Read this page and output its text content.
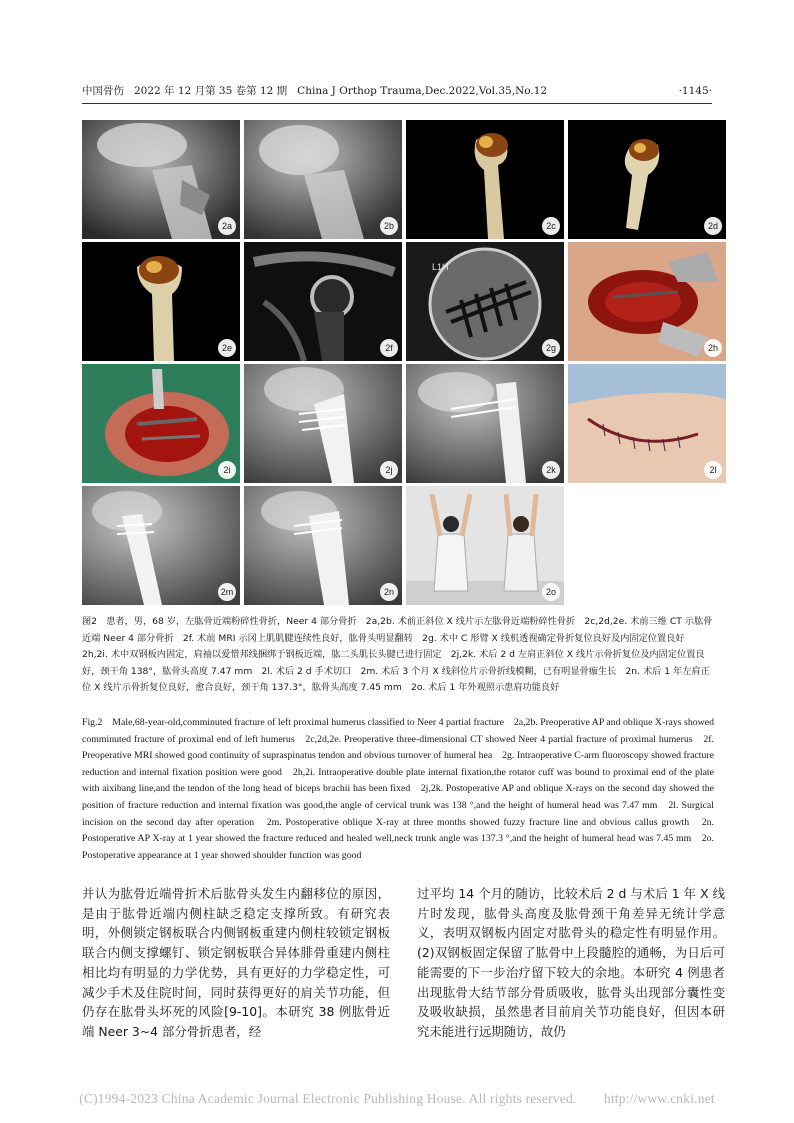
中国骨伤 2022 年 12 月第 35 卷第 12 期 China J Orthop Trauma,Dec.2022,Vol.35,No.12	·1145·
2a	2b	2c	2d
2e	2f
L1H
2g	2h
2i	2j	2k	2l
2m	2n	2o
图2　患者，男，68 岁，左肱骨近端粉碎性骨折，Neer 4 部分骨折　2a,2b. 术前正斜位 X 线片示左肱骨近端粉碎性骨折　2c,2d,2e. 术前三维 CT 示肱骨近端 Neer 4 部分骨折　2f. 术前 MRI 示冈上肌肌腱连续性良好，肱骨头明显翻转　2g. 术中 C 形臂 X 线机透视确定骨折复位良好及内固定位置良好　2h,2i. 术中双钢板内固定，肩袖以爱惜邦线捆绑于钢板近端，肱二头肌长头腱已进行固定　2j,2k. 术后 2 d 左肩正斜位 X 线片示骨折复位及内固定位置良好，颈干角 138°，肱骨头高度 7.47 mm　2l. 术后 2 d 手术切口　2m. 术后 3 个月 X 线斜位片示骨折线模糊，已有明显骨痂生长　2n. 术后 1 年左肩正位 X 线片示骨折复位良好，愈合良好，颈干角 137.3°，肱骨头高度 7.45 mm　2o. 术后 1 年外观照示患肩功能良好
Fig.2　Male,68-year-old,comminuted fracture of left proximal humerus classified to Neer 4 partial fracture　2a,2b. Preoperative AP and oblique X-rays showed comminuted fracture of proximal end of left humerus　2c,2d,2e. Preoperative three-dimensional CT showed Neer 4 partial fracture of proximal humerus　2f. Preoperative MRI showed good continuity of supraspinatus tendon and obvious turnover of humeral hea　2g. Intraoperative C-arm fluoroscopy showed fracture reduction and internal fixation position were good　2h,2i. Intraoperative double plate internal fixation,the rotator cuff was bound to proximal end of the plate with aixibang line,and the tendon of the long head of biceps brachii has been fixed　2j,2k. Postoperative AP and oblique X-rays on the second day showed the position of fracture reduction and internal fixation was good,the angle of cervical trunk was 138 °,and the height of humeral head was 7.47 mm　2l. Surgical incision on the second day after operation　2m. Postoperative oblique X-ray at three months showed fuzzy fracture line and obvious callus growth　2n. Postoperative AP X-ray at 1 year showed the fracture reduced and healed well,neck trunk angle was 137.3 °,and the height of humeral head was 7.45 mm　2o. Postoperative appearance at 1 year showed shoulder function was good
并认为肱骨近端骨折术后肱骨头发生内翻移位的原因，是由于肱骨近端内侧柱缺乏稳定支撑所致。有研究表明，外侧锁定钢板联合内侧钢板重建内侧柱较锁定钢板联合内侧支撑螺钉、锁定钢板联合异体腓骨重建内侧柱相比均有明显的力学优势，具有更好的力学稳定性，可减少手术及住院时间，同时获得更好的肩关节功能，但仍存在肱骨头坏死的风险[9-10]。本研究 38 例肱骨近端 Neer 3~4 部分骨折患者，经
过平均 14 个月的随访，比较术后 2 d 与术后 1 年 X 线片时发现，肱骨头高度及肱骨颈干角差异无统计学意义，表明双钢板内固定对肱骨头的稳定性有明显作用。(2)双钢板固定保留了肱骨中上段髓腔的通畅，为日后可能需要的下一步治疗留下较大的余地。本研究 4 例患者出现肱骨大结节部分骨质吸收，肱骨头出现部分囊性变及吸收缺损，虽然患者目前肩关节功能良好，但因本研究未能进行远期随访，故仍
(C)1994-2023 China Academic Journal Electronic Publishing House. All rights reserved.　　http://www.cnki.net
